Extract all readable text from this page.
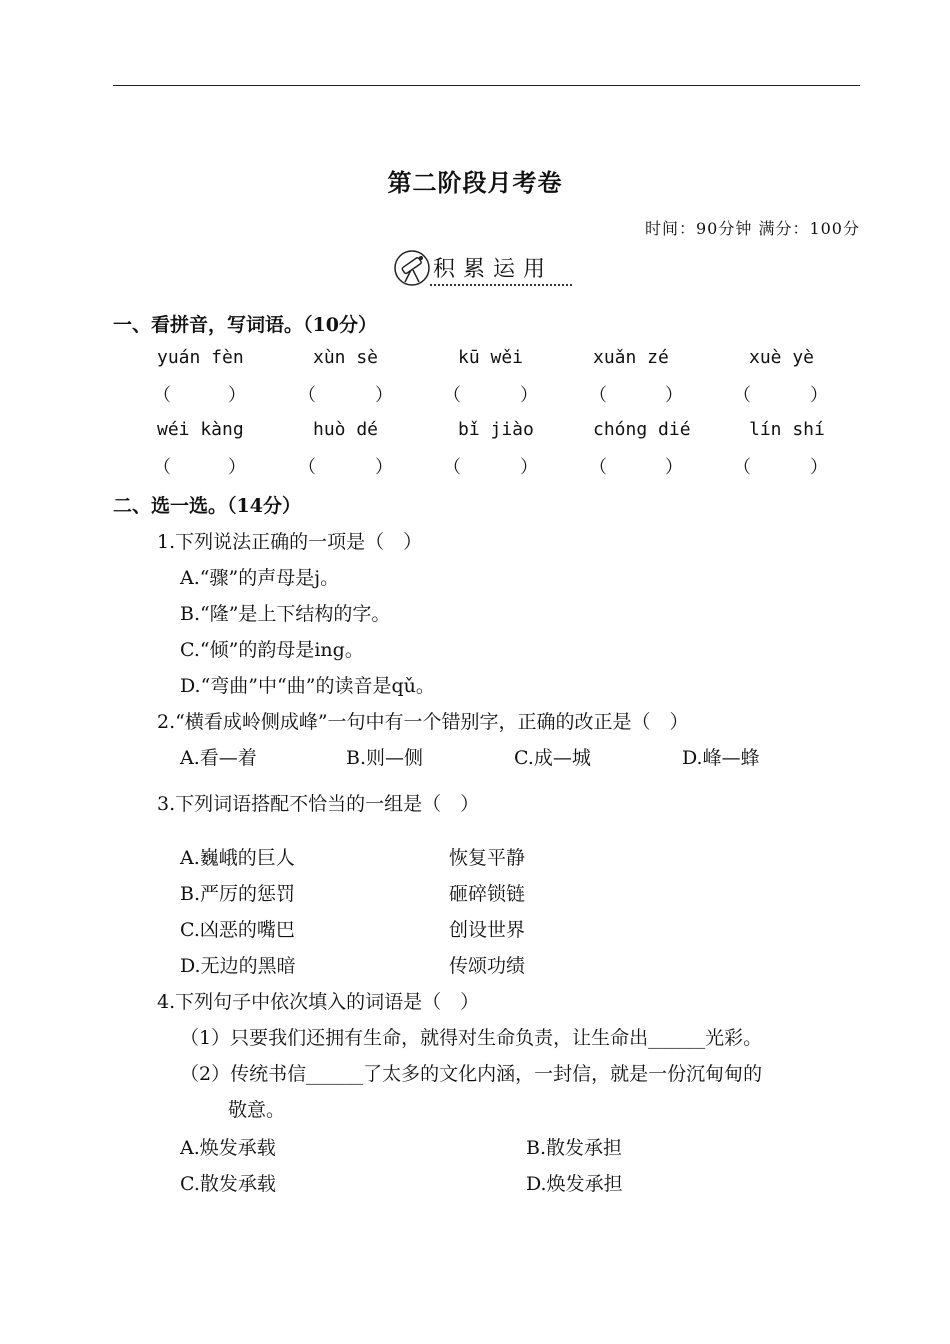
第二阶段月考卷
时间：90分钟 满分：100分
积累运用
一、看拼音，写词语。（10分）
yuán fèn	xùn sè	kū wěi	xuǎn zé	xuè yè
（	）	（	）	（	）	（	）	（	）
wéi kàng	huò dé	bǐ jiào	chóng dié	lín shí
（	）	（	）	（	）	（	）	（	）
二、选一选。（14分）
1.下列说法正确的一项是（　）
A.“骤”的声母是j。
B.“隆”是上下结构的字。
C.“倾”的韵母是ing。
D.“弯曲”中“曲”的读音是qǔ。
2.“横看成岭侧成峰”一句中有一个错别字，正确的改正是（　）
A.看—着	B.则—侧	C.成—城	D.峰—蜂
3.下列词语搭配不恰当的一组是（　）
A.巍峨的巨人	恢复平静
B.严厉的惩罚	砸碎锁链
C.凶恶的嘴巴	创设世界
D.无边的黑暗	传颂功绩
4.下列句子中依次填入的词语是（　）
（1）只要我们还拥有生命，就得对生命负责，让生命出______光彩。
（2）传统书信______了太多的文化内涵，一封信，就是一份沉甸甸的
敬意。
A.焕发承载	B.散发承担
C.散发承载	D.焕发承担
